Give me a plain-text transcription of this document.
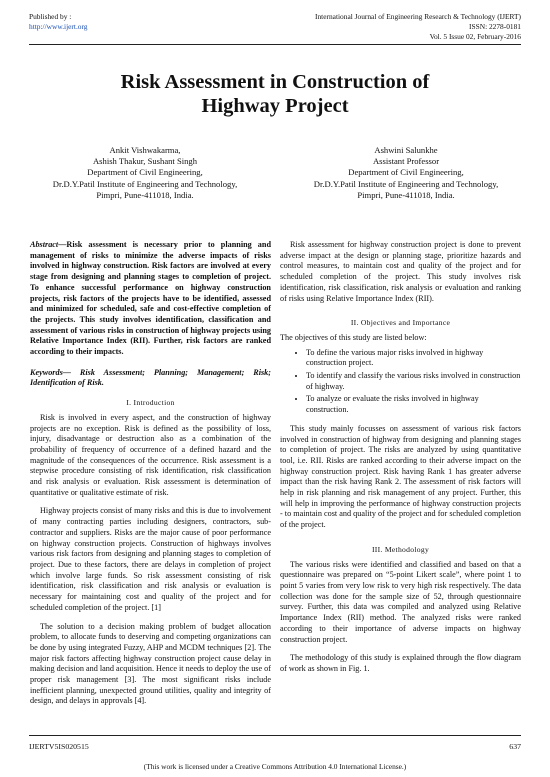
Published by :
http://www.ijert.org
International Journal of Engineering Research & Technology (IJERT)
ISSN: 2278-0181
Vol. 5 Issue 02, February-2016
Risk Assessment in Construction of
Highway Project
Ankit Vishwakarma,
Ashish Thakur, Sushant Singh
Department of Civil Engineering,
Dr.D.Y.Patil Institute of Engineering and Technology,
Pimpri, Pune-411018, India.
Ashwini Salunkhe
Assistant Professor
Department of Civil Engineering,
Dr.D.Y.Patil Institute of Engineering and Technology,
Pimpri, Pune-411018, India.

Abstract—Risk assessment is necessary prior to planning and management of risks to minimize the adverse impacts of risks involved in highway construction. Risk factors are involved at every stage from designing and planning stages to completion of project. To enhance successful performance on highway construction projects, risk factors of the projects have to be identified, assessed and minimized for scheduled, safe and cost-effective completion of the projects. This study involves identification, classification and assessment of various risks in construction of highway projects using Relative Importance Index (RII). Further, risk factors are ranked according to their impacts.

Keywords— Risk Assessment; Planning; Management; Risk; Identification of Risk.

I. Introduction

Risk is involved in every aspect, and the construction of highway projects are no exception. Risk is defined as the possibility of loss, injury, disadvantage or destruction also as a combination of the probability of frequency of occurrence of a defined hazard and the magnitude of the consequences of the occurrence. Risk assessment is a stepwise procedure consisting of risk identification, risk classification and risk analysis or evaluation. Risk assessment is determination of quantitative or qualitative estimate of risk.

Highway projects consist of many risks and this is due to involvement of many contracting parties including designers, contractors, sub-contractor and suppliers. Risks are the major cause of poor performance on highway construction projects. Construction of highways involves various risk factors from designing and planning stages to completion of project. Due to these factors, there are delays in completion of project which involve large funds. So risk assessment consisting of risk identification, risk classification and risk analysis or evaluation is necessary for maintaining cost and quality of the project and for scheduled completion of the project. [1]

The solution to a decision making problem of budget allocation problem, to allocate funds to deserving and competing organizations can be done by using integrated Fuzzy, AHP and MCDM techniques [2]. The major risk factors affecting highway construction project cause delay in making decision and land acquisition. Hence it needs to deploy the use of proper risk management [3]. The most significant risks include inefficient planning, unexpected ground utilities, quality and integrity of design, and delays in approvals [4].

Risk assessment for highway construction project is done to prevent adverse impact at the design or planning stage, prioritize hazards and control measures, to maintain cost and quality of the project and for scheduled completion of the project. This study involves risk identification, risk classification, risk analysis or evaluation and ranking of risks using Relative Importance Index (RII).

II. Objectives and Importance

The objectives of this study are listed below:

• To define the various major risks involved in highway construction project.
• To identify and classify the various risks involved in construction of highway.
• To analyze or evaluate the risks involved in highway construction.

This study mainly focusses on assessment of various risk factors involved in construction of highway from designing and planning stages to completion of project. The risks are analyzed by using quantitative tool, i.e. RII. Risks are ranked according to their adverse impact on the highway construction project. Risk having Rank 1 has greater adverse impact than the risk having Rank 2. The assessment of risk factors will help in risk planning and risk management of any project. Further, this will help in improving the performance of highway construction projects - to maintain cost and quality of the project and for scheduled completion of the project.

III. Methodology

The various risks were identified and classified and based on that a questionnaire was prepared on “5-point Likert scale”, where point 1 to point 5 varies from very low risk to very high risk respectively. The data collection was done for the sample size of 52, through questionnaire survey. Further, this data was compiled and analyzed using Relative Importance Index (RII) method. The analyzed risks were ranked according to their importance of adverse impacts on highway construction project.

The methodology of this study is explained through the flow diagram of work as shown in Fig. 1.

IJERTV5IS020515	637
(This work is licensed under a Creative Commons Attribution 4.0 International License.)
